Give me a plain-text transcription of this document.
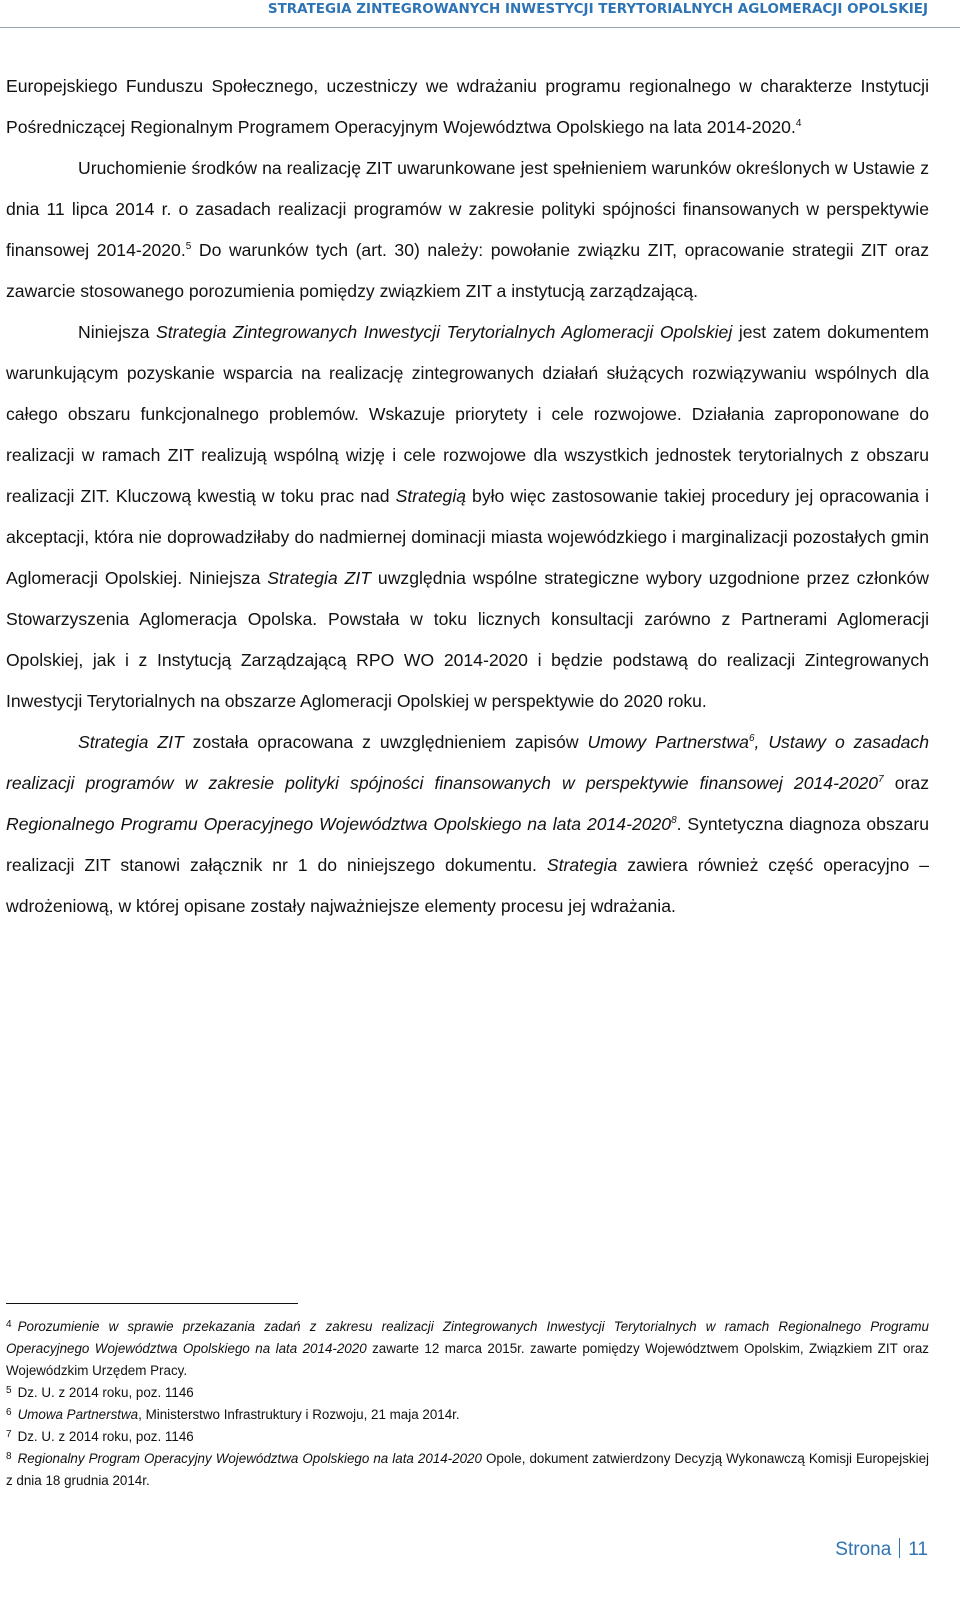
STRATEGIA ZINTEGROWANYCH INWESTYCJI TERYTORIALNYCH AGLOMERACJI OPOLSKIEJ

Europejskiego Funduszu Społecznego, uczestniczy we wdrażaniu programu regionalnego w charakterze Instytucji Pośredniczącej Regionalnym Programem Operacyjnym Województwa Opolskiego na lata 2014-2020.$^4$

Uruchomienie środków na realizację ZIT uwarunkowane jest spełnieniem warunków określonych w Ustawie z dnia 11 lipca 2014 r. o zasadach realizacji programów w zakresie polityki spójności finansowanych w perspektywie finansowej 2014-2020.$^5$ Do warunków tych (art. 30) należy: powołanie związku ZIT, opracowanie strategii ZIT oraz zawarcie stosowanego porozumienia pomiędzy związkiem ZIT a instytucją zarządzającą.

Niniejsza Strategia Zintegrowanych Inwestycji Terytorialnych Aglomeracji Opolskiej jest zatem dokumentem warunkującym pozyskanie wsparcia na realizację zintegrowanych działań służących rozwiązywaniu wspólnych dla całego obszaru funkcjonalnego problemów. Wskazuje priorytety i cele rozwojowe. Działania zaproponowane do realizacji w ramach ZIT realizują wspólną wizję i cele rozwojowe dla wszystkich jednostek terytorialnych z obszaru realizacji ZIT. Kluczową kwestią w toku prac nad Strategią było więc zastosowanie takiej procedury jej opracowania i akceptacji, która nie doprowadziłaby do nadmiernej dominacji miasta wojewódzkiego i marginalizacji pozostałych gmin Aglomeracji Opolskiej. Niniejsza Strategia ZIT uwzględnia wspólne strategiczne wybory uzgodnione przez członków Stowarzyszenia Aglomeracja Opolska. Powstała w toku licznych konsultacji zarówno z Partnerami Aglomeracji Opolskiej, jak i z Instytucją Zarządzającą RPO WO 2014-2020 i będzie podstawą do realizacji Zintegrowanych Inwestycji Terytorialnych na obszarze Aglomeracji Opolskiej w perspektywie do 2020 roku.

Strategia ZIT została opracowana z uwzględnieniem zapisów Umowy Partnerstwa$^6$, Ustawy o zasadach realizacji programów w zakresie polityki spójności finansowanych w perspektywie finansowej 2014-2020$^7$ oraz Regionalnego Programu Operacyjnego Województwa Opolskiego na lata 2014-2020$^8$. Syntetyczna diagnoza obszaru realizacji ZIT stanowi załącznik nr 1 do niniejszego dokumentu. Strategia zawiera również część operacyjno – wdrożeniową, w której opisane zostały najważniejsze elementy procesu jej wdrażania.

$^4$ Porozumienie w sprawie przekazania zadań z zakresu realizacji Zintegrowanych Inwestycji Terytorialnych w ramach Regionalnego Programu Operacyjnego Województwa Opolskiego na lata 2014-2020 zawarte 12 marca 2015r. zawarte pomiędzy Województwem Opolskim, Związkiem ZIT oraz Wojewódzkim Urzędem Pracy.

$^5$ Dz. U. z 2014 roku, poz. 1146

$^6$ Umowa Partnerstwa, Ministerstwo Infrastruktury i Rozwoju, 21 maja 2014r.

$^7$ Dz. U. z 2014 roku, poz. 1146

$^8$ Regionalny Program Operacyjny Województwa Opolskiego na lata 2014-2020 Opole, dokument zatwierdzony Decyzją Wykonawczą Komisji Europejskiej z dnia 18 grudnia 2014r.

Strona 11
